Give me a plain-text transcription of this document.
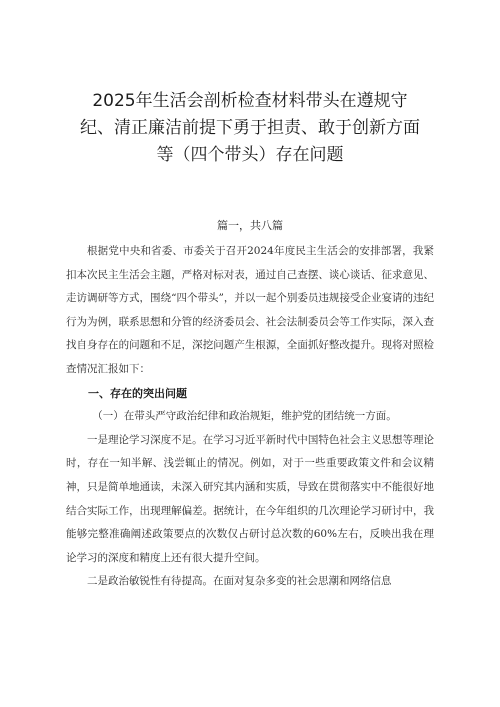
2025年生活会剖析检查材料带头在遵规守
纪、清正廉洁前提下勇于担责、敢于创新方面
等（四个带头）存在问题
篇一，共八篇

根据党中央和省委、市委关于召开2024年度民主生活会的安排部署，我紧扣本次民主生活会主题，严格对标对表，通过自己查摆、谈心谈话、征求意见、走访调研等方式，围绕“四个带头”，并以一起个别委员违规接受企业宴请的违纪行为为例，联系思想和分管的经济委员会、社会法制委员会等工作实际，深入查找自身存在的问题和不足，深挖问题产生根源，全面抓好整改提升。现将对照检查情况汇报如下：

一、存在的突出问题

（一）在带头严守政治纪律和政治规矩，维护党的团结统一方面。

一是理论学习深度不足。在学习习近平新时代中国特色社会主义思想等理论时，存在一知半解、浅尝辄止的情况。例如，对于一些重要政策文件和会议精神，只是简单地通读，未深入研究其内涵和实质，导致在贯彻落实中不能很好地结合实际工作，出现理解偏差。据统计，在今年组织的几次理论学习研讨中，我能够完整准确阐述政策要点的次数仅占研讨总次数的60%左右，反映出我在理论学习的深度和精度上还有很大提升空间。

二是政治敏锐性有待提高。在面对复杂多变的社会思潮和网络信息
